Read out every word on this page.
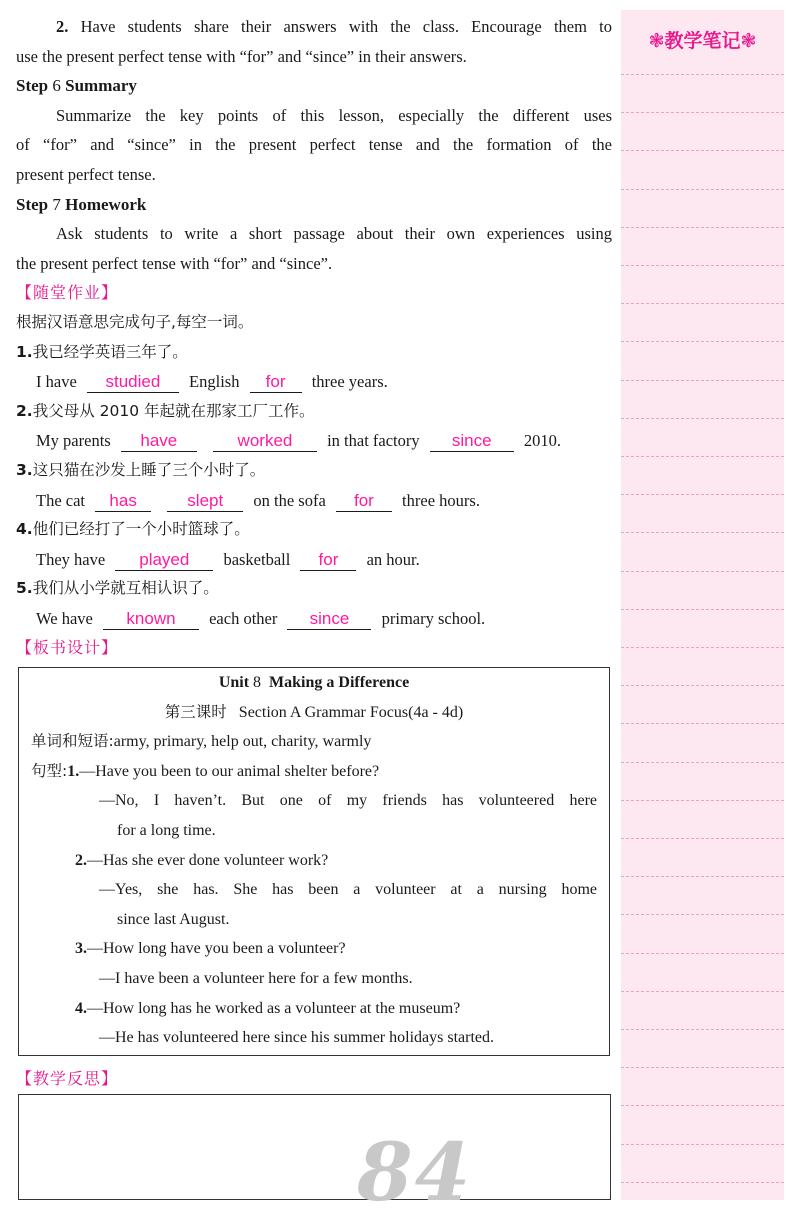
2. Have students share their answers with the class. Encourage them to
use the present perfect tense with “for” and “since” in their answers.
Step 6 Summary
Summarize the key points of this lesson, especially the different uses
of “for” and “since” in the present perfect tense and the formation of the
present perfect tense.
Step 7 Homework
Ask students to write a short passage about their own experiences using
the present perfect tense with “for” and “since”.
【随堂作业】
根据汉语意思完成句子,每空一词。
1.我已经学英语三年了。
I have studied English for three years.
2.我父母从 2010 年起就在那家工厂工作。
My parents have	worked in that factory since 2010.
3.这只猫在沙发上睡了三个小时了。
The cat has	slept on the sofa for three hours.
4.他们已经打了一个小时篮球了。
They have played basketball for an hour.
5.我们从小学就互相认识了。
We have known each other since primary school.
【板书设计】
Unit 8 Making a Difference
第三课时 Section A Grammar Focus(4a - 4d)
单词和短语:army, primary, help out, charity, warmly
句型:1.—Have you been to our animal shelter before?
—No, I haven’t. But one of my friends has volunteered here
for a long time.
2.—Has she ever done volunteer work?
—Yes, she has. She has been a volunteer at a nursing home
since last August.
3.—How long have you been a volunteer?
—I have been a volunteer here for a few months.
4.—How long has he worked as a volunteer at the museum?
—He has volunteered here since his summer holidays started.
【教学反思】
84
❃教学笔记❃
